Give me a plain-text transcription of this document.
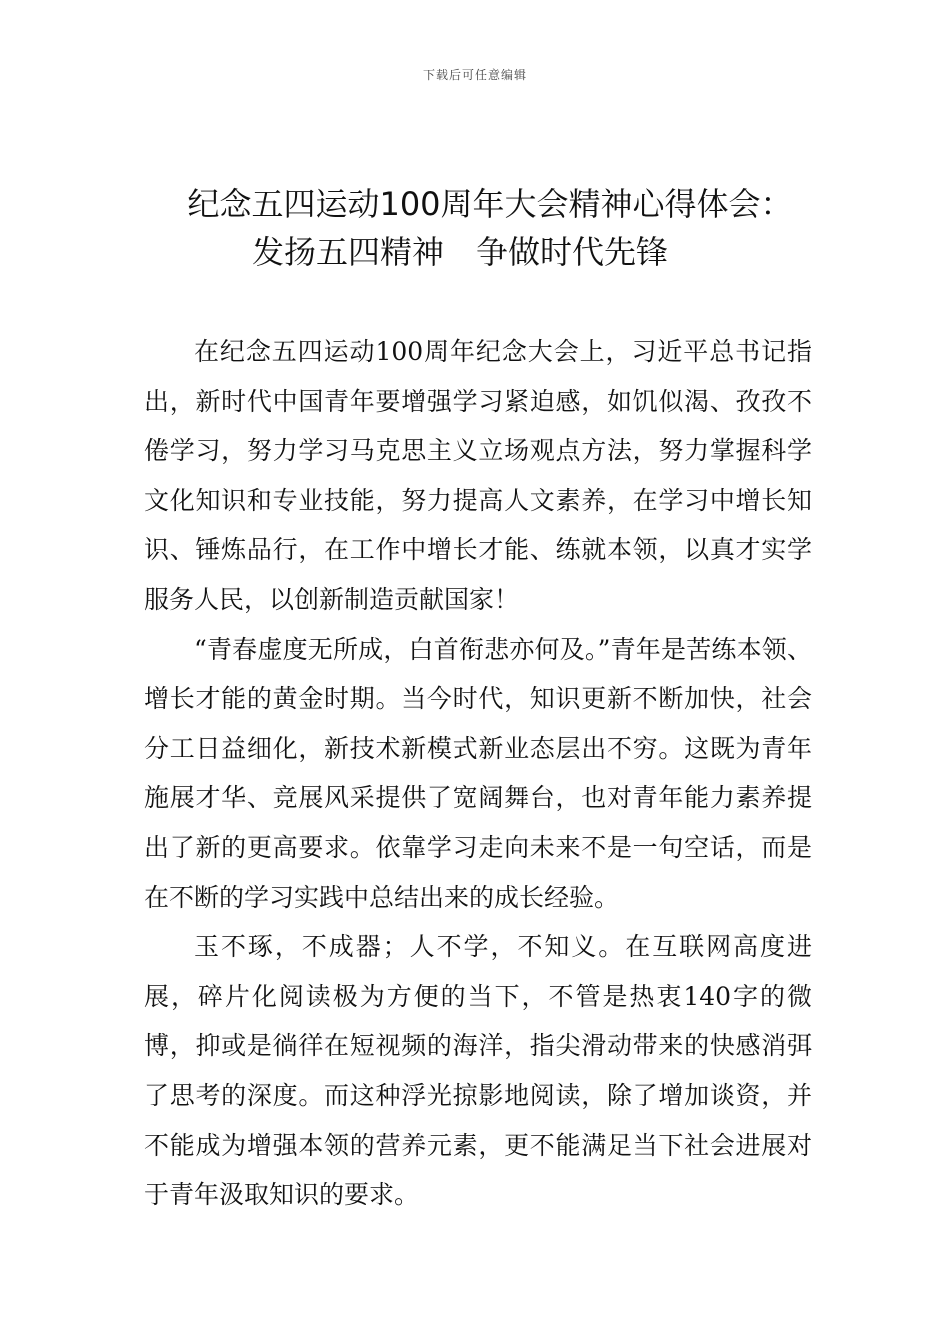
下载后可任意编辑
纪念五四运动100周年大会精神心得体会：
发扬五四精神　争做时代先锋

在纪念五四运动100周年纪念大会上，习近平总书记指出，新时代中国青年要增强学习紧迫感，如饥似渴、孜孜不倦学习，努力学习马克思主义立场观点方法，努力掌握科学文化知识和专业技能，努力提高人文素养，在学习中增长知识、锤炼品行，在工作中增长才能、练就本领，以真才实学服务人民，以创新制造贡献国家！

“青春虚度无所成，白首衔悲亦何及。”青年是苦练本领、增长才能的黄金时期。当今时代，知识更新不断加快，社会分工日益细化，新技术新模式新业态层出不穷。这既为青年施展才华、竞展风采提供了宽阔舞台，也对青年能力素养提出了新的更高要求。依靠学习走向未来不是一句空话，而是在不断的学习实践中总结出来的成长经验。

玉不琢，不成器；人不学，不知义。在互联网高度进展，碎片化阅读极为方便的当下，不管是热衷140字的微博，抑或是徜徉在短视频的海洋，指尖滑动带来的快感消弭了思考的深度。而这种浮光掠影地阅读，除了增加谈资，并不能成为增强本领的营养元素，更不能满足当下社会进展对于青年汲取知识的要求。
